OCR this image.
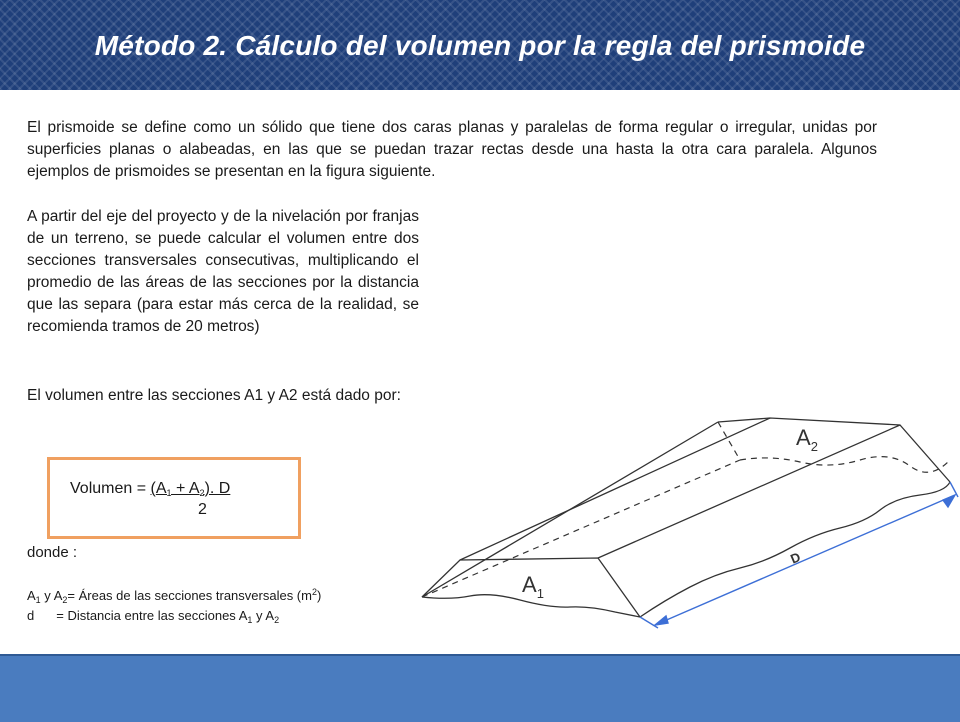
Método 2. Cálculo del volumen por la regla del prismoide

El prismoide se define como un sólido que tiene dos caras planas y paralelas de forma regular o irregular, unidas por superficies planas o alabeadas, en las que se puedan trazar rectas desde una hasta la otra cara paralela. Algunos ejemplos de prismoides se presentan en la figura siguiente.

A partir del eje del proyecto y de la nivelación por franjas de un terreno, se puede calcular el volumen entre dos secciones transversales consecutivas, multiplicando el promedio de las áreas de las secciones por la distancia que las separa (para estar más cerca de la realidad, se recomienda tramos de 20 metros)

El volumen entre las secciones A1 y A2 está dado por:

Volumen = $(A_1 + A_2)$. D
2

donde :

$A_1$ y $A_2=$ Áreas de las secciones transversales $(m^2)$

d = Distancia entre las secciones $A_1$ y $A_2$

D
$A_1$
$A_2$
